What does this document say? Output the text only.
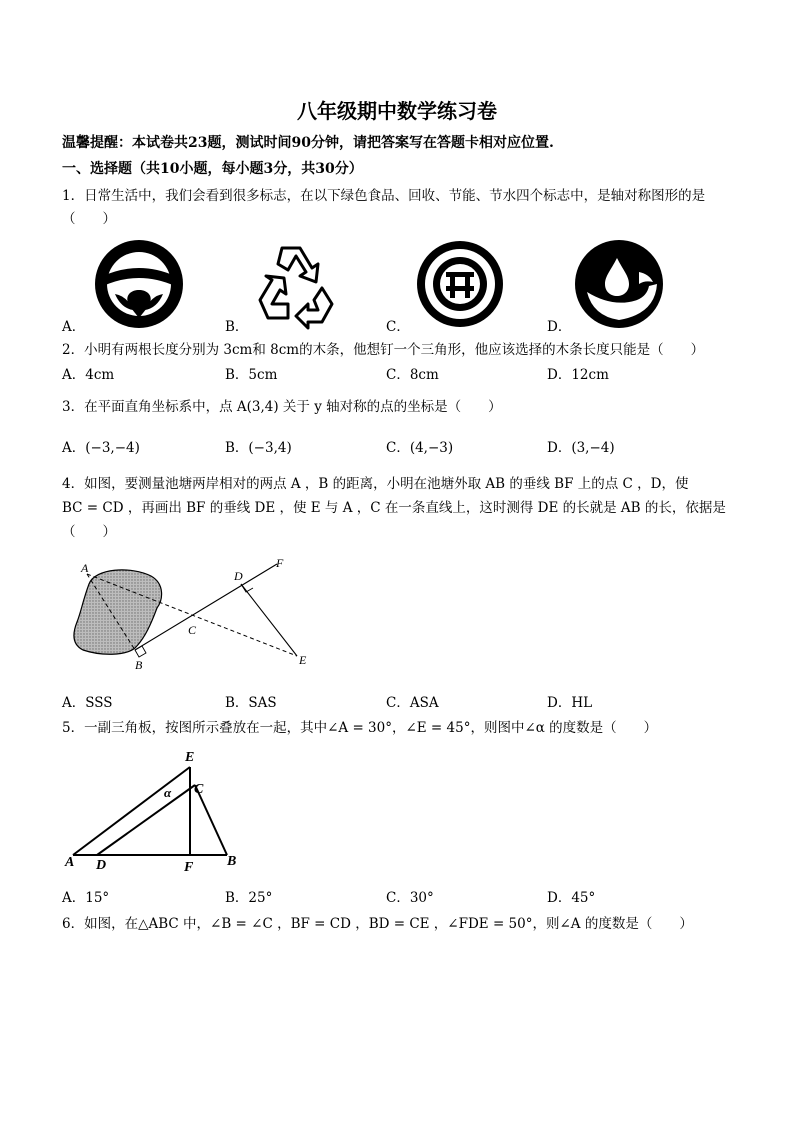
八年级期中数学练习卷
温馨提醒：本试卷共23题，测试时间90分钟，请把答案写在答题卡相对应位置.
一、选择题（共10小题，每小题3分，共30分）
1．日常生活中，我们会看到很多标志，在以下绿色食品、回收、节能、节水四个标志中，是轴对称图形的是
（　　）
A．	B．	C．	D．
2．小明有两根长度分别为 3cm和 8cm的木条，他想钉一个三角形，他应该选择的木条长度只能是（　　）
A．4cm	B．5cm	C．8cm	D．12cm
3．在平面直角坐标系中，点 A(3,4) 关于 y 轴对称的点的坐标是（　　）
A．(−3,−4)	B．(−3,4)	C．(4,−3)	D．(3,−4)
4．如图，要测量池塘两岸相对的两点 A ，B 的距离，小明在池塘外取 AB 的垂线 BF 上的点 C ，D，使
BC = CD ，再画出 BF 的垂线 DE ，使 E 与 A ，C 在一条直线上，这时测得 DE 的长就是 AB 的长，依据是
（　　）
A
B
C
D
E
F
A．SSS	B．SAS	C．ASA	D．HL
5．一副三角板，按图所示叠放在一起，其中∠A = 30°，∠E = 45°，则图中∠α 的度数是（　　）
E
C
α
A D	F B
A．15°	B．25°	C．30°	D．45°
6．如图，在△ABC 中，∠B = ∠C ，BF = CD ，BD = CE ，∠FDE = 50°，则∠A 的度数是（　　）
